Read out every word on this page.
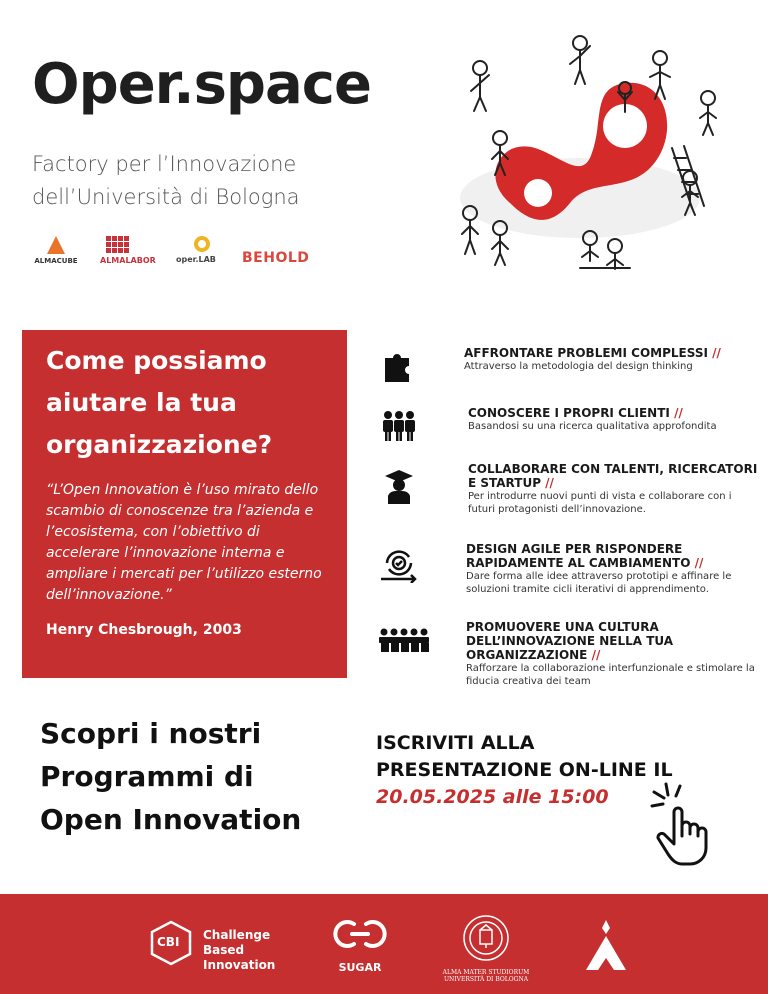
Oper.space
Factory per l’Innovazione
dell’Università di Bologna
ALMACUBE	ALMALABOR	oper.LAB	BEHOLD
Come possiamo
aiutare la tua
organizzazione?
“L’Open Innovation è l’uso mirato dello scambio di conoscenze tra l’azienda e l’ecosistema, con l’obiettivo di accelerare l’innovazione interna e ampliare i mercati per l’utilizzo esterno dell’innovazione.”
Henry Chesbrough, 2003
AFFRONTARE PROBLEMI COMPLESSI //
Attraverso la metodologia del design thinking
CONOSCERE I PROPRI CLIENTI //
Basandosi su una ricerca qualitativa approfondita
COLLABORARE CON TALENTI, RICERCATORI E STARTUP //
Per introdurre nuovi punti di vista e collaborare con i futuri protagonisti dell’innovazione.
DESIGN AGILE PER RISPONDERE RAPIDAMENTE AL CAMBIAMENTO //
Dare forma alle idee attraverso prototipi e affinare le soluzioni tramite cicli iterativi di apprendimento.
PROMUOVERE UNA CULTURA DELL’INNOVAZIONE NELLA TUA ORGANIZZAZIONE //
Rafforzare la collaborazione interfunzionale e stimolare la fiducia creativa dei team
Scopri i nostri
Programmi di
Open Innovation
ISCRIVITI ALLA
PRESENTAZIONE ON-LINE IL
20.05.2025 alle 15:00
CBI Challenge
Based
Innovation	SUGAR	ALMA MATER STUDIORUM
UNIVERSITÀ DI BOLOGNA
